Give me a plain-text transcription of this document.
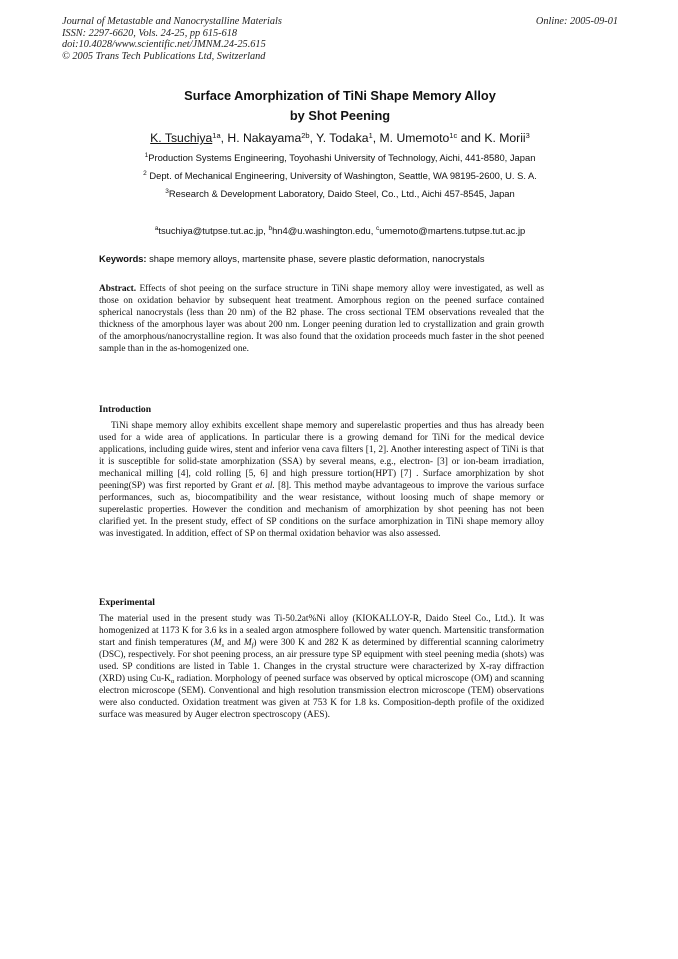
Journal of Metastable and Nanocrystalline Materials
ISSN: 2297-6620, Vols. 24-25, pp 615-618
doi:10.4028/www.scientific.net/JMNM.24-25.615
© 2005 Trans Tech Publications Ltd, Switzerland
Online: 2005-09-01
Surface Amorphization of TiNi Shape Memory Alloy
by Shot Peening
K. Tsuchiya$^{1a}$, H. Nakayama$^{2b}$, Y. Todaka$^1$, M. Umemoto$^{1c}$ and K. Morii$^3$
$^1$Production Systems Engineering, Toyohashi University of Technology, Aichi, 441-8580, Japan
$^2$ Dept. of Mechanical Engineering, University of Washington, Seattle, WA 98195-2600, U. S. A.
$^3$Research & Development Laboratory, Daido Steel, Co., Ltd., Aichi 457-8545, Japan
$^a$tsuchiya@tutpse.tut.ac.jp, $^b$hn4@u.washington.edu, $^c$umemoto@martens.tutpse.tut.ac.jp
Keywords: shape memory alloys, martensite phase, severe plastic deformation, nanocrystals
Abstract. Effects of shot peeing on the surface structure in TiNi shape memory alloy were investigated, as well as those on oxidation behavior by subsequent heat treatment. Amorphous region on the peened surface contained spherical nanocrystals (less than 20 nm) of the B2 phase. The cross sectional TEM observations revealed that the thickness of the amorphous layer was about 200 nm. Longer peening duration led to crystallization and grain growth of the amorphous/nanocrystalline region. It was also found that the oxidation proceeds much faster in the shot peened sample than in the as-homogenized one.
Introduction
TiNi shape memory alloy exhibits excellent shape memory and superelastic properties and thus has already been used for a wide area of applications. In particular there is a growing demand for TiNi for the medical device applications, including guide wires, stent and inferior vena cava filters [1, 2]. Another interesting aspect of TiNi is that it is susceptible for solid-state amorphization (SSA) by several means, e.g., electron- [3] or ion-beam irradiation, mechanical milling [4], cold rolling [5, 6] and high pressure tortion(HPT) [7] . Surface amorphization by shot peening(SP) was first reported by Grant et al. [8]. This method maybe advantageous to improve the various surface performances, such as, biocompatibility and the wear resistance, without loosing much of shape memory or superelastic properties. However the condition and mechanism of amorphization by shot peening has not been clarified yet. In the present study, effect of SP conditions on the surface amorphization in TiNi shape memory alloy was investigated. In addition, effect of SP on thermal oxidation behavior was also assessed.
Experimental
The material used in the present study was Ti-50.2at%Ni alloy (KIOKALLOY-R, Daido Steel Co., Ltd.). It was homogenized at 1173 K for 3.6 ks in a sealed argon atmosphere followed by water quench. Martensitic transformation start and finish temperatures ($M_s$ and $M_f$) were 300 K and 282 K as determined by differential scanning calorimetry (DSC), respectively. For shot peening process, an air pressure type SP equipment with steel peening media (shots) was used. SP conditions are listed in Table 1. Changes in the crystal structure were characterized by X-ray diffraction (XRD) using $Cu-K_\alpha$ radiation. Morphology of peened surface was observed by optical microscope (OM) and scanning electron microscope (SEM). Conventional and high resolution transmission electron microscope (TEM) observations were also conducted. Oxidation treatment was given at 753 K for 1.8 ks. Composition-depth profile of the oxidized surface was measured by Auger electron spectroscopy (AES).
